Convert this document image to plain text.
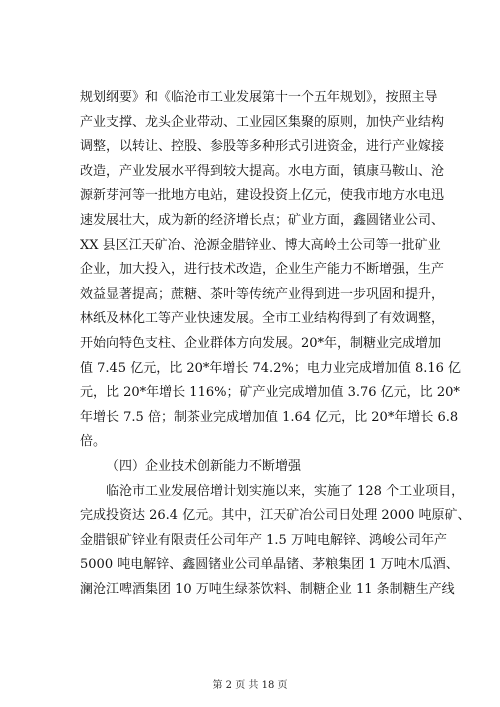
规划纲要》和《临沧市工业发展第十一个五年规划》，按照主导
产业支撑、龙头企业带动、工业园区集聚的原则，加快产业结构
调整，以转让、控股、参股等多种形式引进资金，进行产业嫁接
改造，产业发展水平得到较大提高。水电方面，镇康马鞍山、沧
源新芽河等一批地方电站，建设投资上亿元，使我市地方水电迅
速发展壮大，成为新的经济增长点；矿业方面，鑫圆锗业公司、
XX 县区江天矿冶、沧源金腊锌业、博大高岭土公司等一批矿业
企业，加大投入，进行技术改造，企业生产能力不断增强，生产
效益显著提高；蔗糖、茶叶等传统产业得到进一步巩固和提升，
林纸及林化工等产业快速发展。全市工业结构得到了有效调整，
开始向特色支柱、企业群体方向发展。20*年，制糖业完成增加
值 7.45 亿元，比 20*年增长 74.2%；电力业完成增加值 8.16 亿
元，比 20*年增长 116%；矿产业完成增加值 3.76 亿元，比 20*
年增长 7.5 倍；制茶业完成增加值 1.64 亿元，比 20*年增长 6.8
倍。
（四）企业技术创新能力不断增强
临沧市工业发展倍增计划实施以来，实施了 128 个工业项目，
完成投资达 26.4 亿元。其中，江天矿冶公司日处理 2000 吨原矿、
金腊银矿锌业有限责任公司年产 1.5 万吨电解锌、鸿峻公司年产
5000 吨电解锌、鑫圆锗业公司单晶锗、茅粮集团 1 万吨木瓜酒、
澜沧江啤酒集团 10 万吨生绿茶饮料、制糖企业 11 条制糖生产线
第 2 页 共 18 页
